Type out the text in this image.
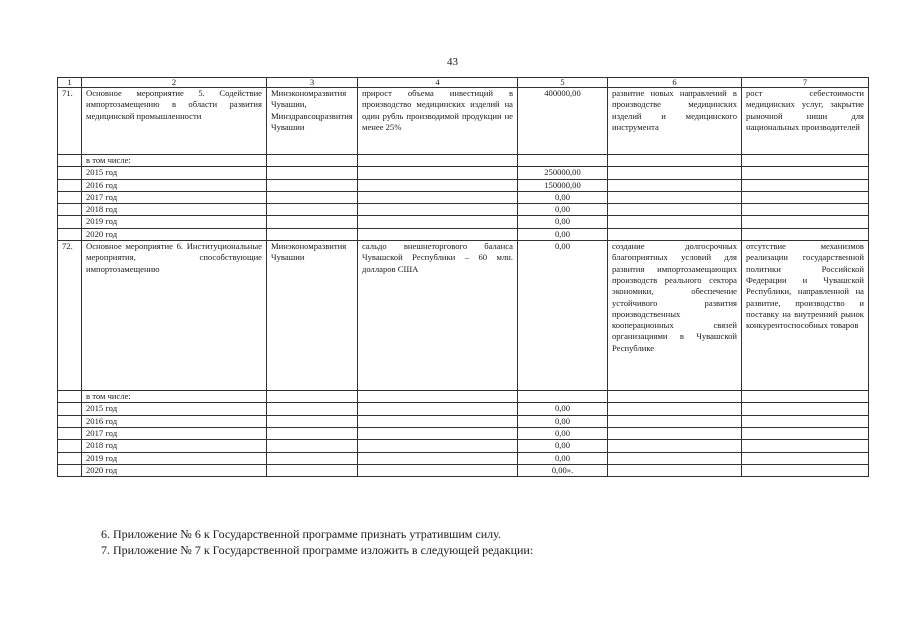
43
1	2	3	4	5	6	7
71.	Основное мероприятие 5. Содействие импортозамещению в области развития медицинской промышленности	Минэкономразвития Чувашии, Минздравсоцразвития Чувашии	прирост объема инвестиций в производство медицинских изделий на один рубль производимой продукции не менее 25%	400000,00	развитие новых направлений в производстве медицинских изделий и медицинского инструмента	рост себестоимости медицинских услуг, закрытие рыночной ниши для национальных производителей
	в том числе:					
	2015 год			250000,00		
	2016 год			150000,00		
	2017 год			0,00		
	2018 год			0,00		
	2019 год			0,00		
	2020 год			0,00		
72.	Основное мероприятие 6. Институциональные мероприятия, способствующие импортозамещению	Минэкономразвития Чувашии	сальдо внешнеторгового баланса Чувашской Республики – 60 млн. долларов США	0,00	создание долгосрочных благоприятных условий для развития импортозамещающих производств реального сектора экономики, обеспечение устойчивого развития производственных кооперационных связей организациями в Чувашской Республике	отсутствие механизмов реализации государственной политики Российской Федерации и Чувашской Республики, направленной на развитие, производство и поставку на внутренний рынок конкурентоспособных товаров
	в том числе:					
	2015 год			0,00		
	2016 год			0,00		
	2017 год			0,00		
	2018 год			0,00		
	2019 год			0,00		
	2020 год			0,00».		
6. Приложение № 6 к Государственной программе признать утратившим силу.
7. Приложение № 7 к Государственной программе изложить в следующей редакции:
